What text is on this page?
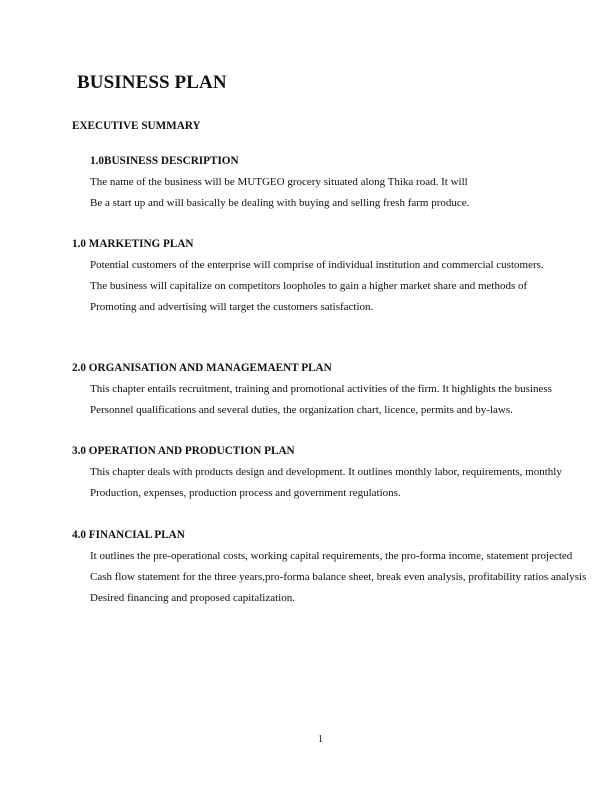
BUSINESS PLAN
EXECUTIVE SUMMARY
1.0BUSINESS DESCRIPTION
The name of the business will be MUTGEO grocery situated along Thika road. It will
Be a start up and will basically be dealing with buying and selling fresh farm produce.
1.0 MARKETING PLAN
Potential customers of the enterprise will comprise of individual institution and commercial customers.
The business will capitalize on competitors loopholes to gain a higher market share and methods of
Promoting and advertising will target the customers satisfaction.
2.0 ORGANISATION AND MANAGEMAENT PLAN
This chapter entails recruitment, training and promotional activities of the firm. It highlights the business
Personnel qualifications and several duties, the organization chart, licence, permits and by-laws.
3.0 OPERATION AND PRODUCTION PLAN
This chapter deals with products design and development. It outlines monthly labor, requirements, monthly
Production, expenses, production process and government regulations.
4.0 FINANCIAL PLAN
It outlines the pre-operational costs, working capital requirements, the pro-forma income, statement projected
Cash flow statement for the three years,pro-forma balance sheet, break even analysis, profitability ratios analysis
Desired financing and proposed capitalization.
1
